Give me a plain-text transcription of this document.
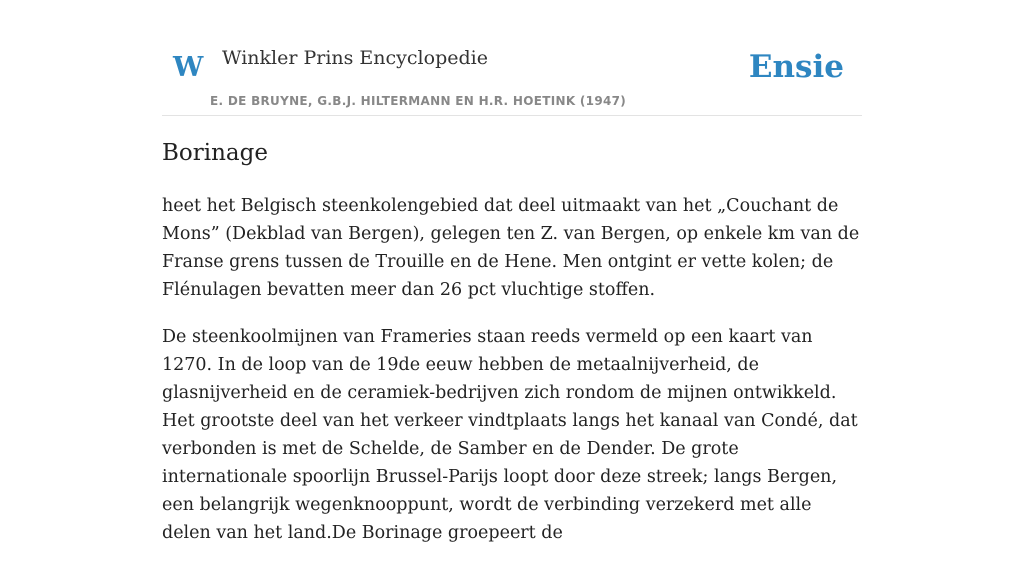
W Winkler Prins Encyclopedie
E. DE BRUYNE, G.B.J. HILTERMANN EN H.R. HOETINK (1947)
Ensie
Borinage

heet het Belgisch steenkolengebied dat deel uitmaakt van het „Couchant de Mons” (Dekblad van Bergen), gelegen ten Z. van Bergen, op enkele km van de Franse grens tussen de Trouille en de Hene. Men ontgint er vette kolen; de Flénulagen bevatten meer dan 26 pct vluchtige stoffen.

De steenkoolmijnen van Frameries staan reeds vermeld op een kaart van 1270. In de loop van de 19de eeuw hebben de metaalnijverheid, de glasnijverheid en de ceramiek-bedrijven zich rondom de mijnen ontwikkeld. Het grootste deel van het verkeer vindtplaats langs het kanaal van Condé, dat verbonden is met de Schelde, de Samber en de Dender. De grote internationale spoorlijn Brussel-Parijs loopt door deze streek; langs Bergen, een belangrijk wegenknooppunt, wordt de verbinding verzekerd met alle delen van het land.De Borinage groepeert de
